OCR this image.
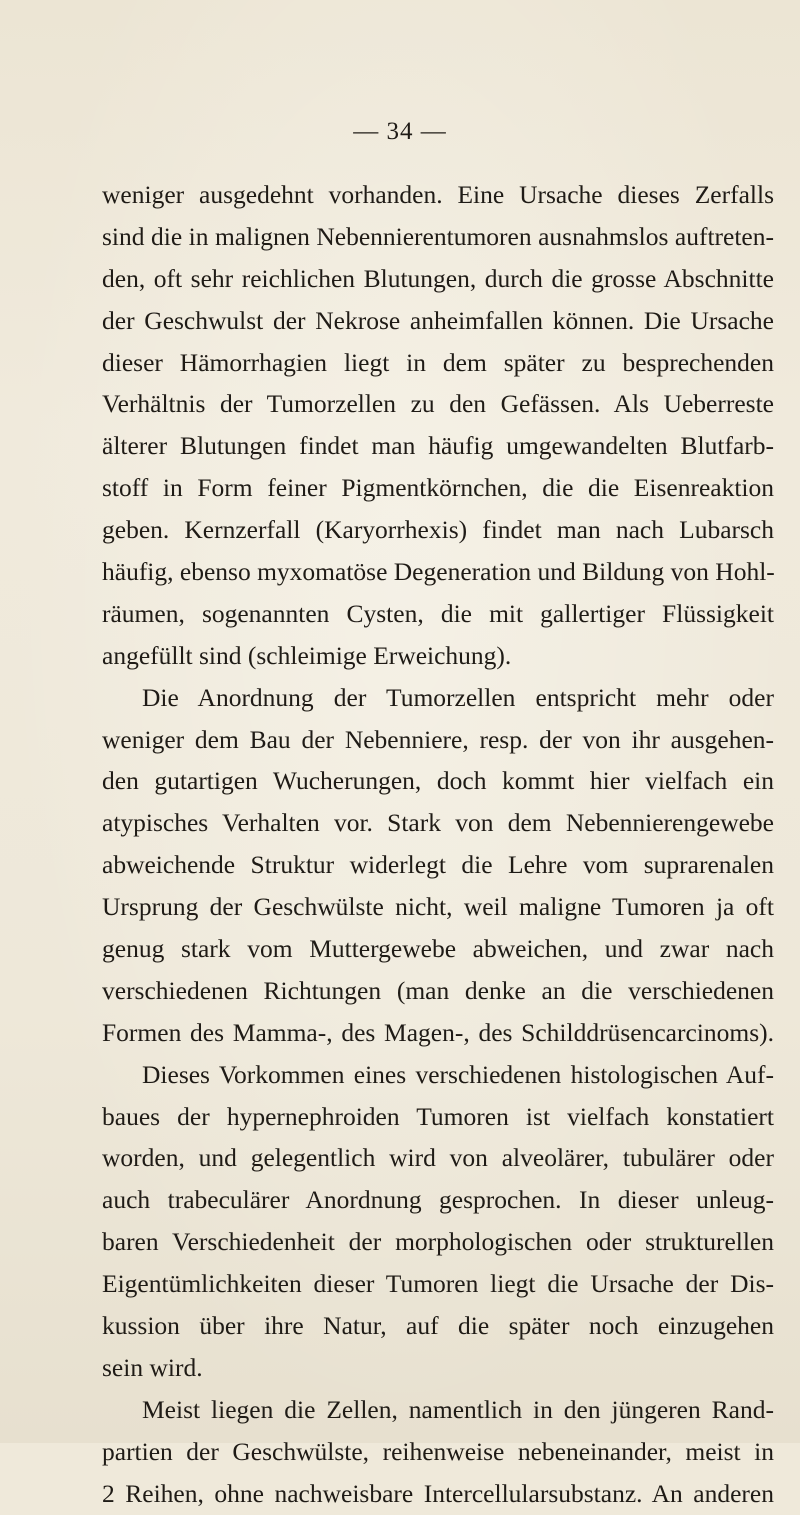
— 34 —
weniger ausgedehnt vorhanden. Eine Ursache dieses Zerfalls
sind die in malignen Nebennierentumoren ausnahmslos auftreten-
den, oft sehr reichlichen Blutungen, durch die grosse Abschnitte
der Geschwulst der Nekrose anheimfallen können. Die Ursache
dieser Hämorrhagien liegt in dem später zu besprechenden
Verhältnis der Tumorzellen zu den Gefässen. Als Ueberreste
älterer Blutungen findet man häufig umgewandelten Blutfarb-
stoff in Form feiner Pigmentkörnchen, die die Eisenreaktion
geben. Kernzerfall (Karyorrhexis) findet man nach Lubarsch
häufig, ebenso myxomatöse Degeneration und Bildung von Hohl-
räumen, sogenannten Cysten, die mit gallertiger Flüssigkeit
angefüllt sind (schleimige Erweichung).
Die Anordnung der Tumorzellen entspricht mehr oder
weniger dem Bau der Nebenniere, resp. der von ihr ausgehen-
den gutartigen Wucherungen, doch kommt hier vielfach ein
atypisches Verhalten vor. Stark von dem Nebennierengewebe
abweichende Struktur widerlegt die Lehre vom suprarenalen
Ursprung der Geschwülste nicht, weil maligne Tumoren ja oft
genug stark vom Muttergewebe abweichen, und zwar nach
verschiedenen Richtungen (man denke an die verschiedenen
Formen des Mamma-, des Magen-, des Schilddrüsencarcinoms).
Dieses Vorkommen eines verschiedenen histologischen Auf-
baues der hypernephroiden Tumoren ist vielfach konstatiert
worden, und gelegentlich wird von alveolärer, tubulärer oder
auch trabeculärer Anordnung gesprochen. In dieser unleug-
baren Verschiedenheit der morphologischen oder strukturellen
Eigentümlichkeiten dieser Tumoren liegt die Ursache der Dis-
kussion über ihre Natur, auf die später noch einzugehen
sein wird.
Meist liegen die Zellen, namentlich in den jüngeren Rand-
partien der Geschwülste, reihenweise nebeneinander, meist in
2 Reihen, ohne nachweisbare Intercellularsubstanz. An anderen
